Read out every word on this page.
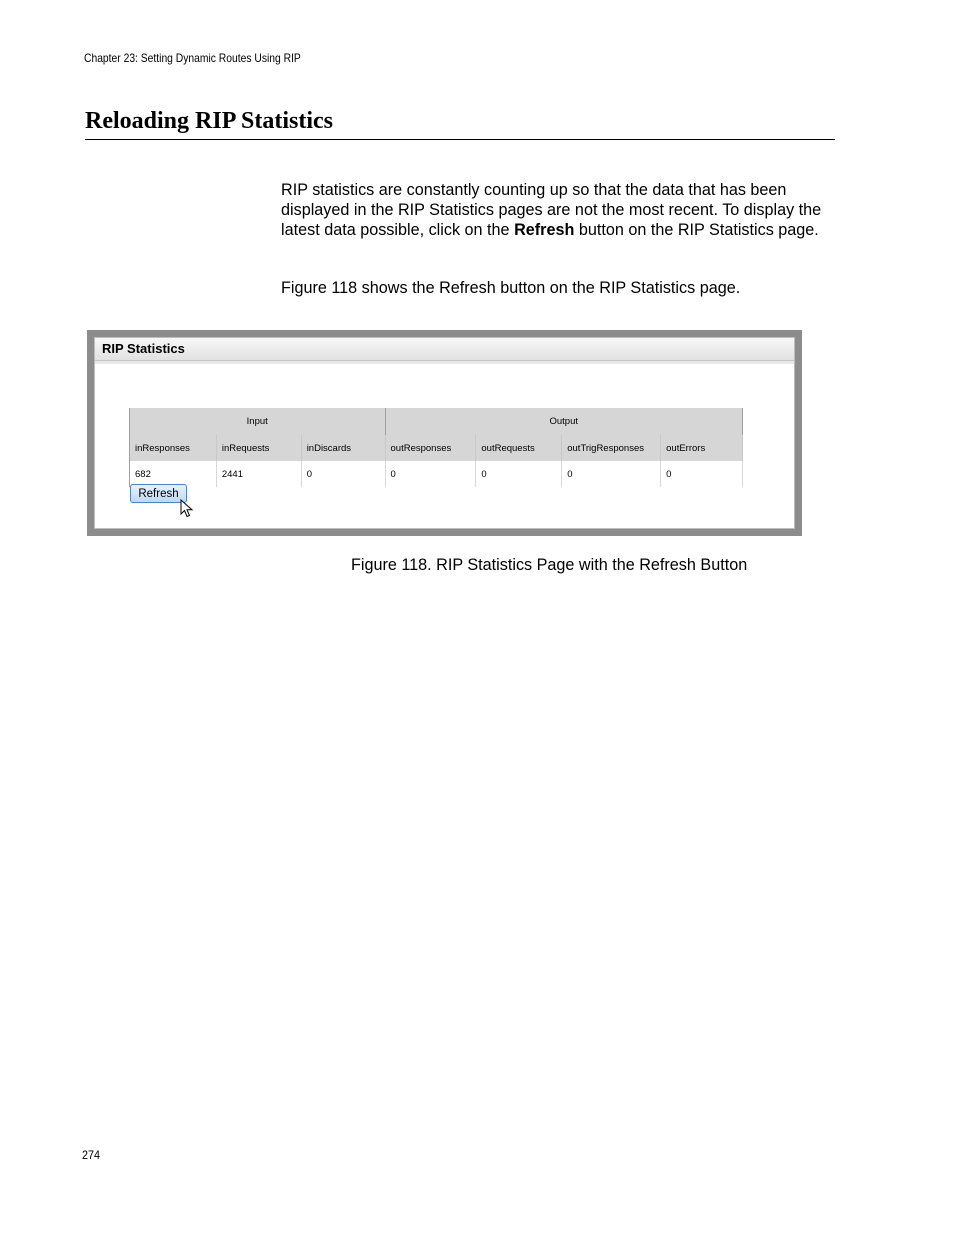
Chapter 23: Setting Dynamic Routes Using RIP
Reloading RIP Statistics

RIP statistics are constantly counting up so that the data that has been displayed in the RIP Statistics pages are not the most recent. To display the latest data possible, click on the Refresh button on the RIP Statistics page.

Figure 118 shows the Refresh button on the RIP Statistics page.

RIP Statistics
Input			Output			
inResponses	inRequests	inDiscards	outResponses	outRequests	outTrigResponses	outErrors
682	2441	0	0	0	0	0
Refresh

Figure 118. RIP Statistics Page with the Refresh Button

274
